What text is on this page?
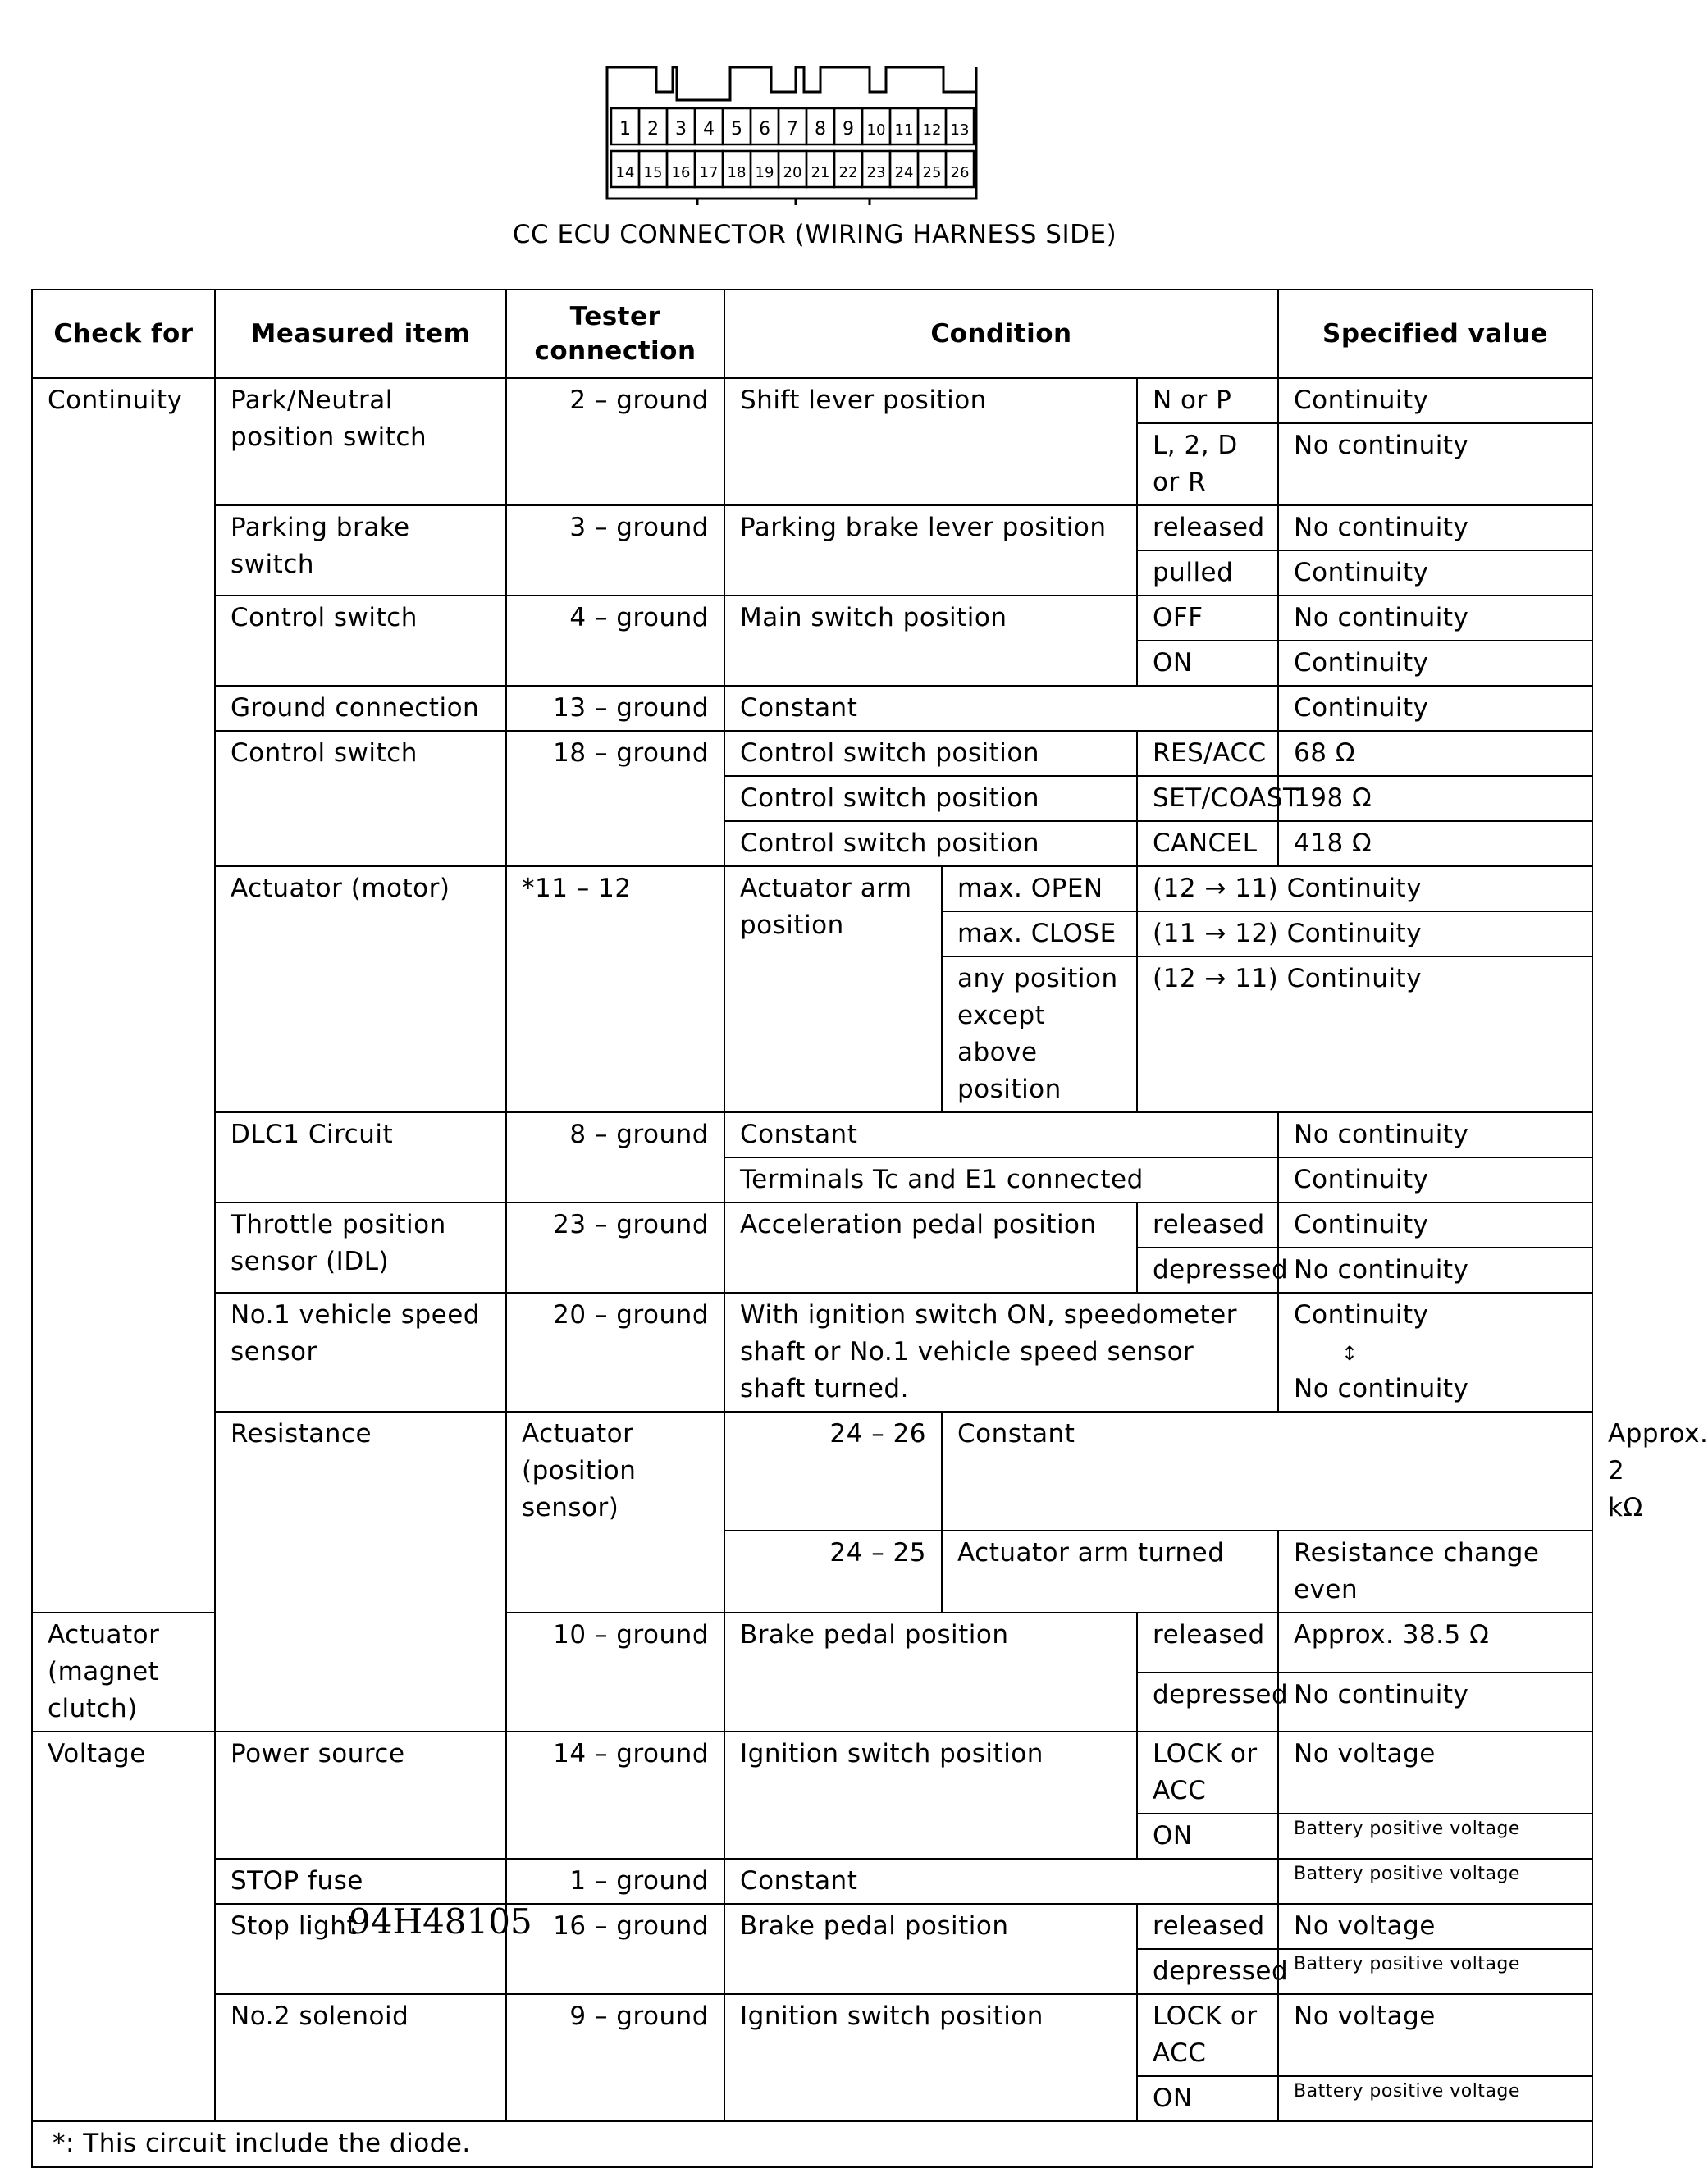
1 2 3 4 5 6 7 8 9 10 11 12 13
14 15 16 17 18 19 20 21 22 23 24 25 26
CC ECU CONNECTOR (WIRING HARNESS SIDE)
Check for	Measured item	Tester connection	Condition			Specified value	
Continuity	Park/Neutral position switch	2 – ground	Shift lever position		N or P	Continuity	
					L, 2, D or R	No continuity	
	Parking brake switch	3 – ground	Parking brake lever position		released	No continuity	
					pulled	Continuity	
	Control switch	4 – ground	Main switch position		OFF	No continuity	
					ON	Continuity	
	Ground connection	13 – ground	Constant			Continuity	
	Control switch	18 – ground	Control switch position		RES/ACC	68 Ω	
			Control switch position		SET/COAST	198 Ω	
			Control switch position		CANCEL	418 Ω	
	Actuator (motor)	*11 – 12	Actuator arm position	max. OPEN	(12 → 11) Continuity		
				max. CLOSE	(11 → 12) Continuity		
				any position except above position	(12 → 11) Continuity		
	DLC1 Circuit	8 – ground	Constant			No continuity	
			Terminals Tc and E1 connected			Continuity	
	Throttle position sensor (IDL)	23 – ground	Acceleration pedal position		released	Continuity	
					depressed	No continuity	
	No.1 vehicle speed sensor	20 – ground	With ignition switch ON, speedometer shaft or No.1 vehicle speed sensor shaft turned.			Continuity
↕
No continuity	
	Resistance	Actuator (position sensor)	24 – 26	Constant			Approx. 2 kΩ
			24 – 25	Actuator arm turned		Resistance change even	
Actuator (magnet clutch)		10 – ground	Brake pedal position		released	Approx. 38.5 Ω	
					depressed	No continuity	
Voltage	Power source	14 – ground	Ignition switch position		LOCK or ACC	No voltage	
					ON	Battery positive voltage	
	STOP fuse	1 – ground	Constant			Battery positive voltage	
	Stop light	16 – ground	Brake pedal position		released	No voltage	
					depressed	Battery positive voltage	
	No.2 solenoid	9 – ground	Ignition switch position		LOCK or ACC	No voltage	
					ON	Battery positive voltage	
*: This circuit include the diode.							
94H48105
